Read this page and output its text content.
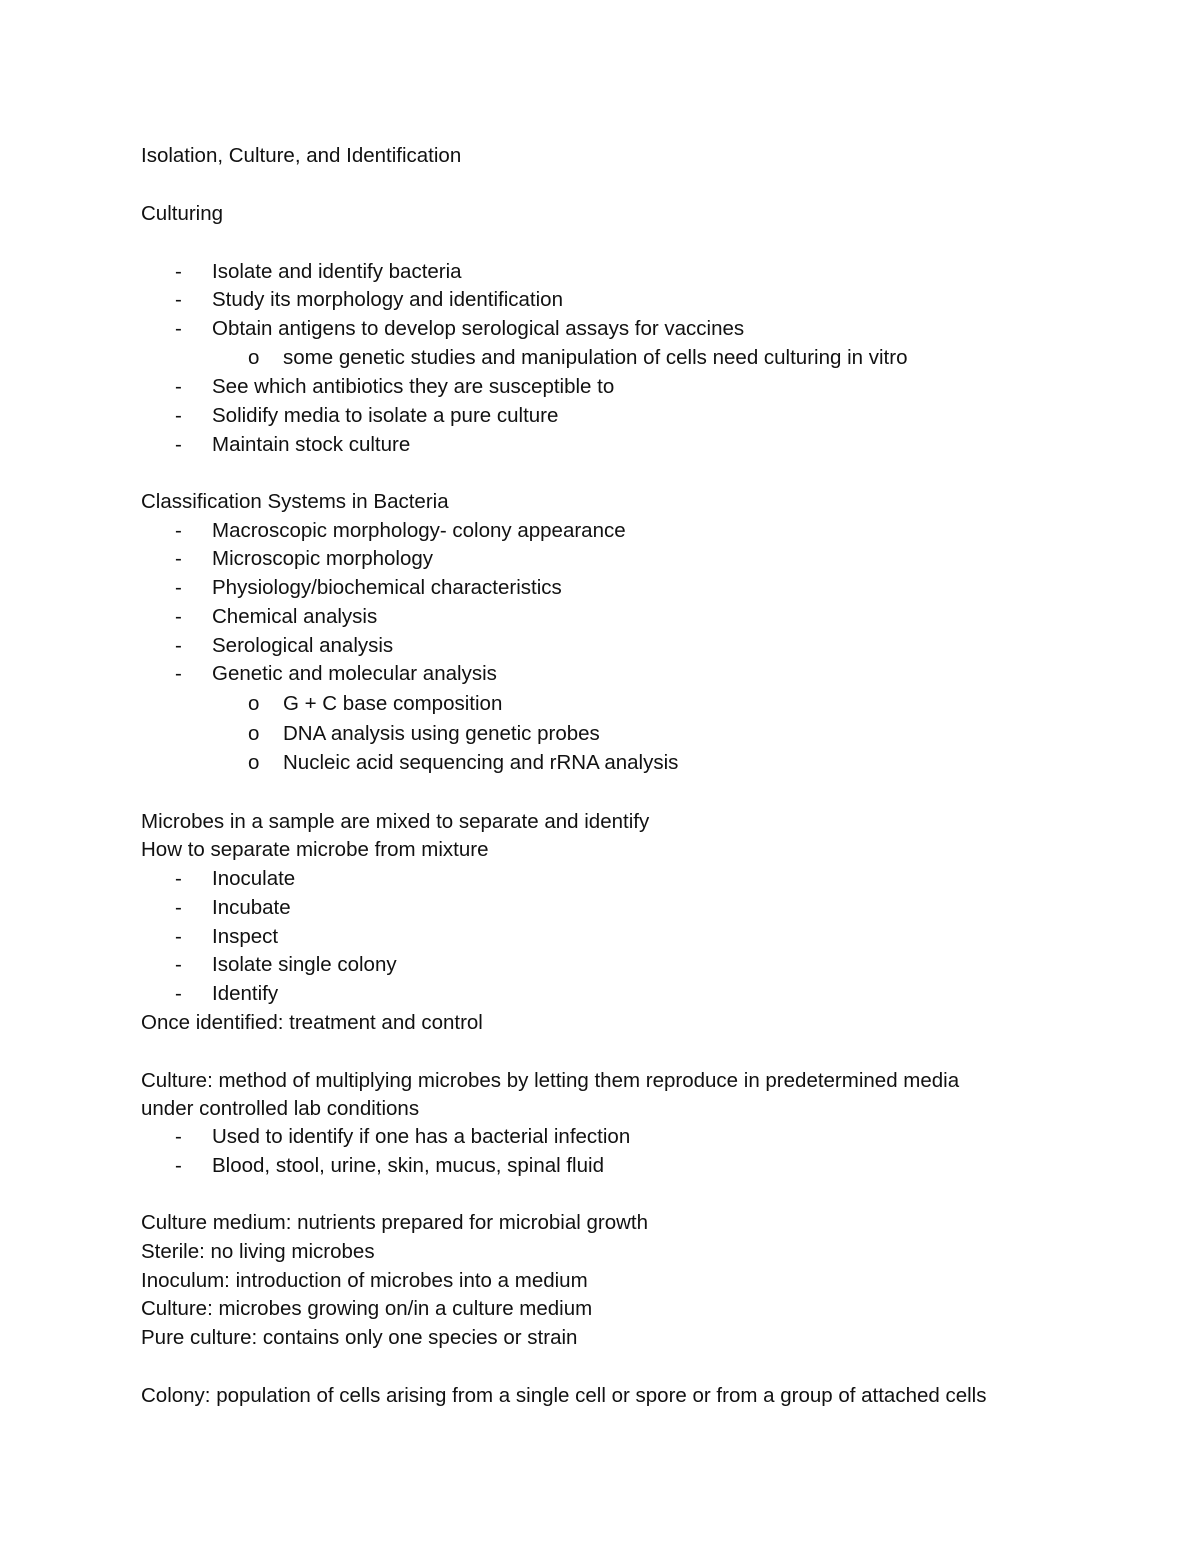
Isolation, Culture, and Identification
Culturing
- Isolate and identify bacteria
- Study its morphology and identification
- Obtain antigens to develop serological assays for vaccines
o some genetic studies and manipulation of cells need culturing in vitro
- See which antibiotics they are susceptible to
- Solidify media to isolate a pure culture
- Maintain stock culture
Classification Systems in Bacteria
- Macroscopic morphology- colony appearance
- Microscopic morphology
- Physiology/biochemical characteristics
- Chemical analysis
- Serological analysis
- Genetic and molecular analysis
o G + C base composition
o DNA analysis using genetic probes
o Nucleic acid sequencing and rRNA analysis
Microbes in a sample are mixed to separate and identify
How to separate microbe from mixture
- Inoculate
- Incubate
- Inspect
- Isolate single colony
- Identify
Once identified: treatment and control
Culture: method of multiplying microbes by letting them reproduce in predetermined media
under controlled lab conditions
- Used to identify if one has a bacterial infection
- Blood, stool, urine, skin, mucus, spinal fluid
Culture medium: nutrients prepared for microbial growth
Sterile: no living microbes
Inoculum: introduction of microbes into a medium
Culture: microbes growing on/in a culture medium
Pure culture: contains only one species or strain
Colony: population of cells arising from a single cell or spore or from a group of attached cells
